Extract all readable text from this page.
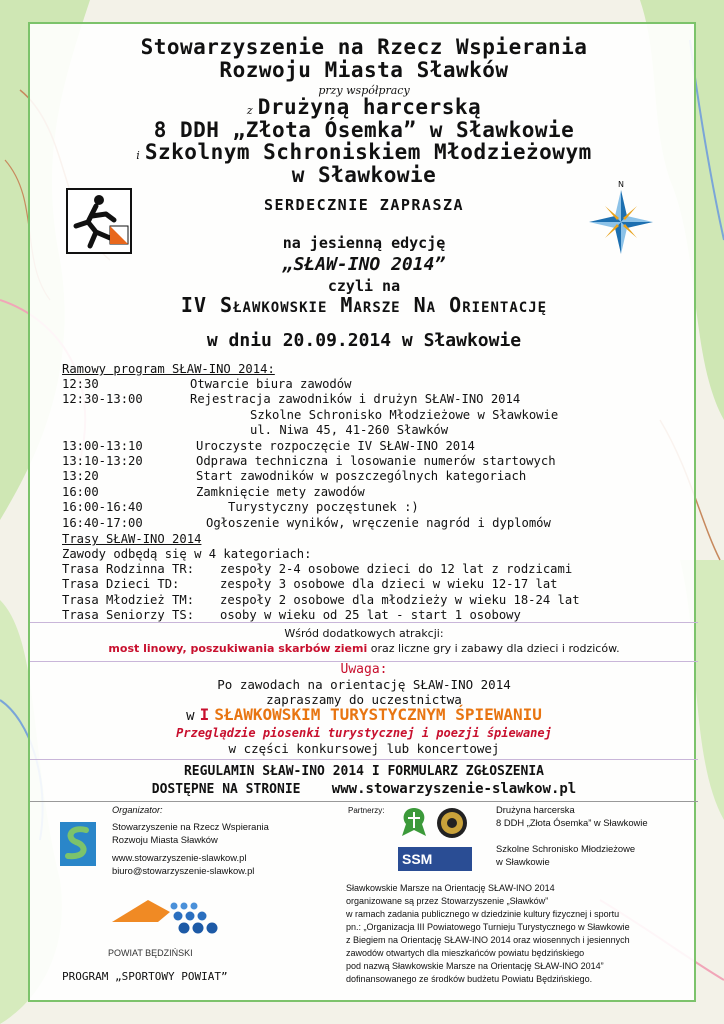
Stowarzyszenie na Rzecz Wspierania
Rozwoju Miasta Sławków
przy współpracy
z Drużyną harcerską
8 DDH „Złota Ósemka” w Sławkowie
i Szkolnym Schroniskiem Młodzieżowym
w Sławkowie	N
SERDECZNIE ZAPRASZA
na jesienną edycję
„SŁAW-INO 2014”
czyli na
IV Sławkowskie Marsze Na Orientację
w dniu 20.09.2014 w Sławkowie
Ramowy program SŁAW-INO 2014:
12:30	Otwarcie biura zawodów
12:30-13:00	Rejestracja zawodników i drużyn SŁAW-INO 2014
Szkolne Schronisko Młodzieżowe w Sławkowie
ul. Niwa 45, 41-260 Sławków
13:00-13:10	Uroczyste rozpoczęcie IV SŁAW-INO 2014
13:10-13:20	Odprawa techniczna i losowanie numerów startowych
13:20	Start zawodników w poszczególnych kategoriach
16:00	Zamknięcie mety zawodów
16:00-16:40	Turystyczny poczęstunek :)
16:40-17:00	Ogłoszenie wyników, wręczenie nagród i dyplomów
Trasy SŁAW-INO 2014
Zawody odbędą się w 4 kategoriach:
Trasa Rodzinna TR: zespoły 2-4 osobowe dzieci do 12 lat z rodzicami
Trasa Dzieci TD:	zespoły 3 osobowe dla dzieci w wieku 12-17 lat
Trasa Młodzież TM: zespoły 2 osobowe dla młodzieży w wieku 18-24 lat
Trasa Seniorzy TS: osoby w wieku od 25 lat - start 1 osobowy
Wśród dodatkowych atrakcji:
most linowy, poszukiwania skarbów ziemi oraz liczne gry i zabawy dla dzieci i rodziców.
Uwaga:
Po zawodach na orientację SŁAW-INO 2014
zapraszamy do uczestnictwa
w I SŁAWKOWSKIM TURYSTYCZNYM ŚPIEWANIU
Przeglądzie piosenki turystycznej i poezji śpiewanej
w części konkursowej lub koncertowej
REGULAMIN SŁAW-INO 2014 I FORMULARZ ZGŁOSZENIA
DOSTĘPNE NA STRONIE www.stowarzyszenie-slawkow.pl
Organizator:
Stowarzyszenie na Rzecz Wspierania
Rozwoju Miasta Sławków
www.stowarzyszenie-slawkow.pl
biuro@stowarzyszenie-slawkow.pl
Partnerzy:
SSM
Drużyna harcerska
8 DDH „Złota Ósemka” w Sławkowie
Szkolne Schronisko Młodzieżowe
w Sławkowie
POWIAT BĘDZIŃSKI
PROGRAM „SPORTOWY POWIAT”
Sławkowskie Marsze na Orientację SŁAW-INO 2014
organizowane są przez Stowarzyszenie „Sławków”
w ramach zadania publicznego w dziedzinie kultury fizycznej i sportu
pn.: „Organizacja III Powiatowego Turnieju Turystycznego w Sławkowie
z Biegiem na Orientację SŁAW-INO 2014 oraz wiosennych i jesiennych
zawodów otwartych dla mieszkańców powiatu będzińskiego
pod nazwą Sławkowskie Marsze na Orientację SŁAW-INO 2014”
dofinansowanego ze środków budżetu Powiatu Będzińskiego.
